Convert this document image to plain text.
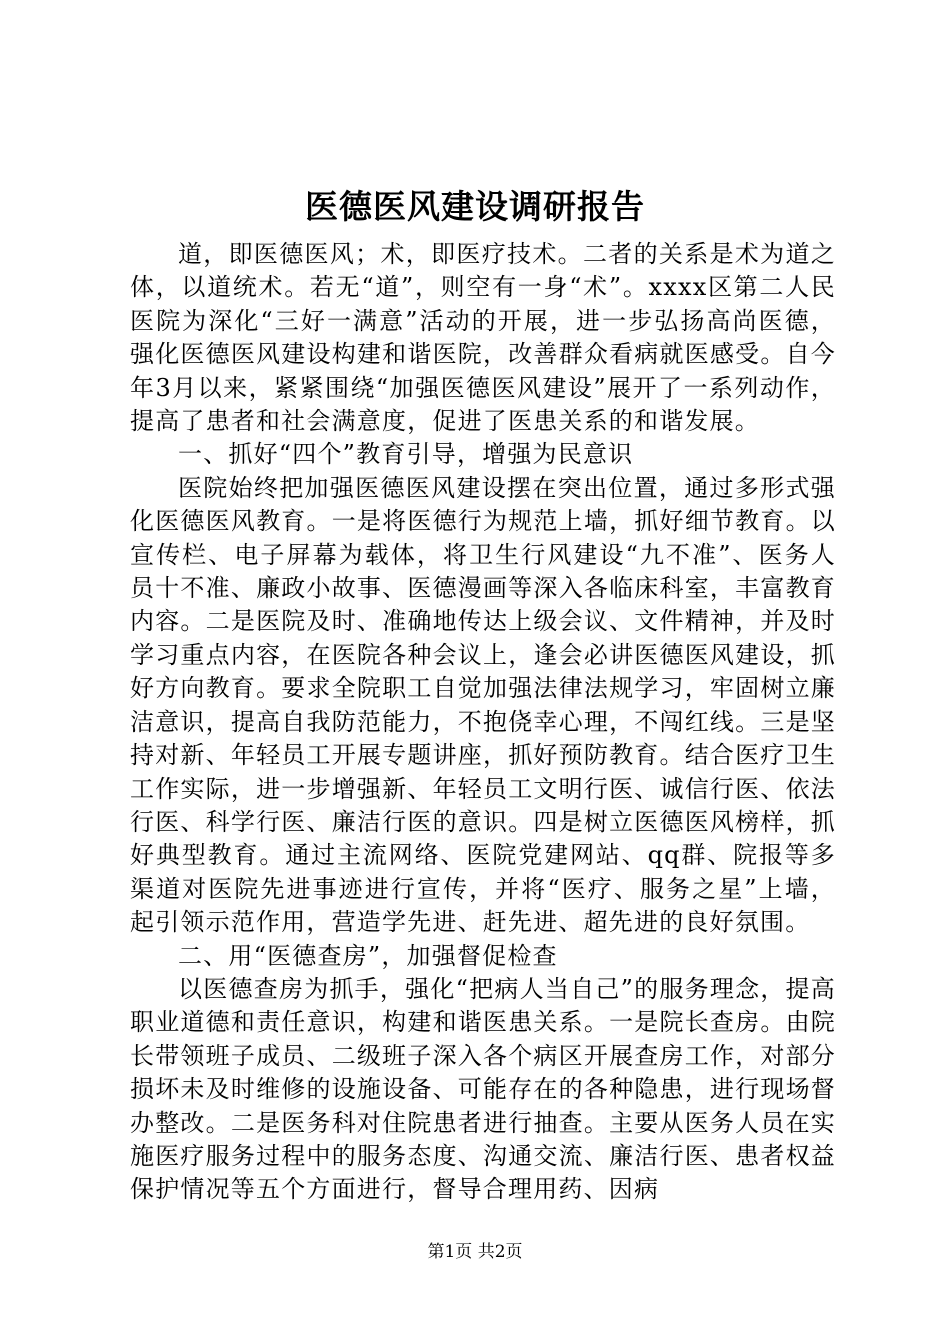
医德医风建设调研报告

道，即医德医风；术，即医疗技术。二者的关系是术为道之体，以道统术。若无“道”，则空有一身“术”。xxxx区第二人民医院为深化“三好一满意”活动的开展，进一步弘扬高尚医德，强化医德医风建设构建和谐医院，改善群众看病就医感受。自今年3月以来，紧紧围绕“加强医德医风建设”展开了一系列动作，提高了患者和社会满意度，促进了医患关系的和谐发展。

一、抓好“四个”教育引导，增强为民意识

医院始终把加强医德医风建设摆在突出位置，通过多形式强化医德医风教育。一是将医德行为规范上墙，抓好细节教育。以宣传栏、电子屏幕为载体，将卫生行风建设“九不准”、医务人员十不准、廉政小故事、医德漫画等深入各临床科室，丰富教育内容。二是医院及时、准确地传达上级会议、文件精神，并及时学习重点内容，在医院各种会议上，逢会必讲医德医风建设，抓好方向教育。要求全院职工自觉加强法律法规学习，牢固树立廉洁意识，提高自我防范能力，不抱侥幸心理，不闯红线。三是坚持对新、年轻员工开展专题讲座，抓好预防教育。结合医疗卫生工作实际，进一步增强新、年轻员工文明行医、诚信行医、依法行医、科学行医、廉洁行医的意识。四是树立医德医风榜样，抓好典型教育。通过主流网络、医院党建网站、qq群、院报等多渠道对医院先进事迹进行宣传，并将“医疗、服务之星”上墙，起引领示范作用，营造学先进、赶先进、超先进的良好氛围。

二、用“医德查房”，加强督促检查

以医德查房为抓手，强化“把病人当自己”的服务理念，提高职业道德和责任意识，构建和谐医患关系。一是院长查房。由院长带领班子成员、二级班子深入各个病区开展查房工作，对部分损坏未及时维修的设施设备、可能存在的各种隐患，进行现场督办整改。二是医务科对住院患者进行抽查。主要从医务人员在实施医疗服务过程中的服务态度、沟通交流、廉洁行医、患者权益保护情况等五个方面进行，督导合理用药、因病

第1页 共2页
